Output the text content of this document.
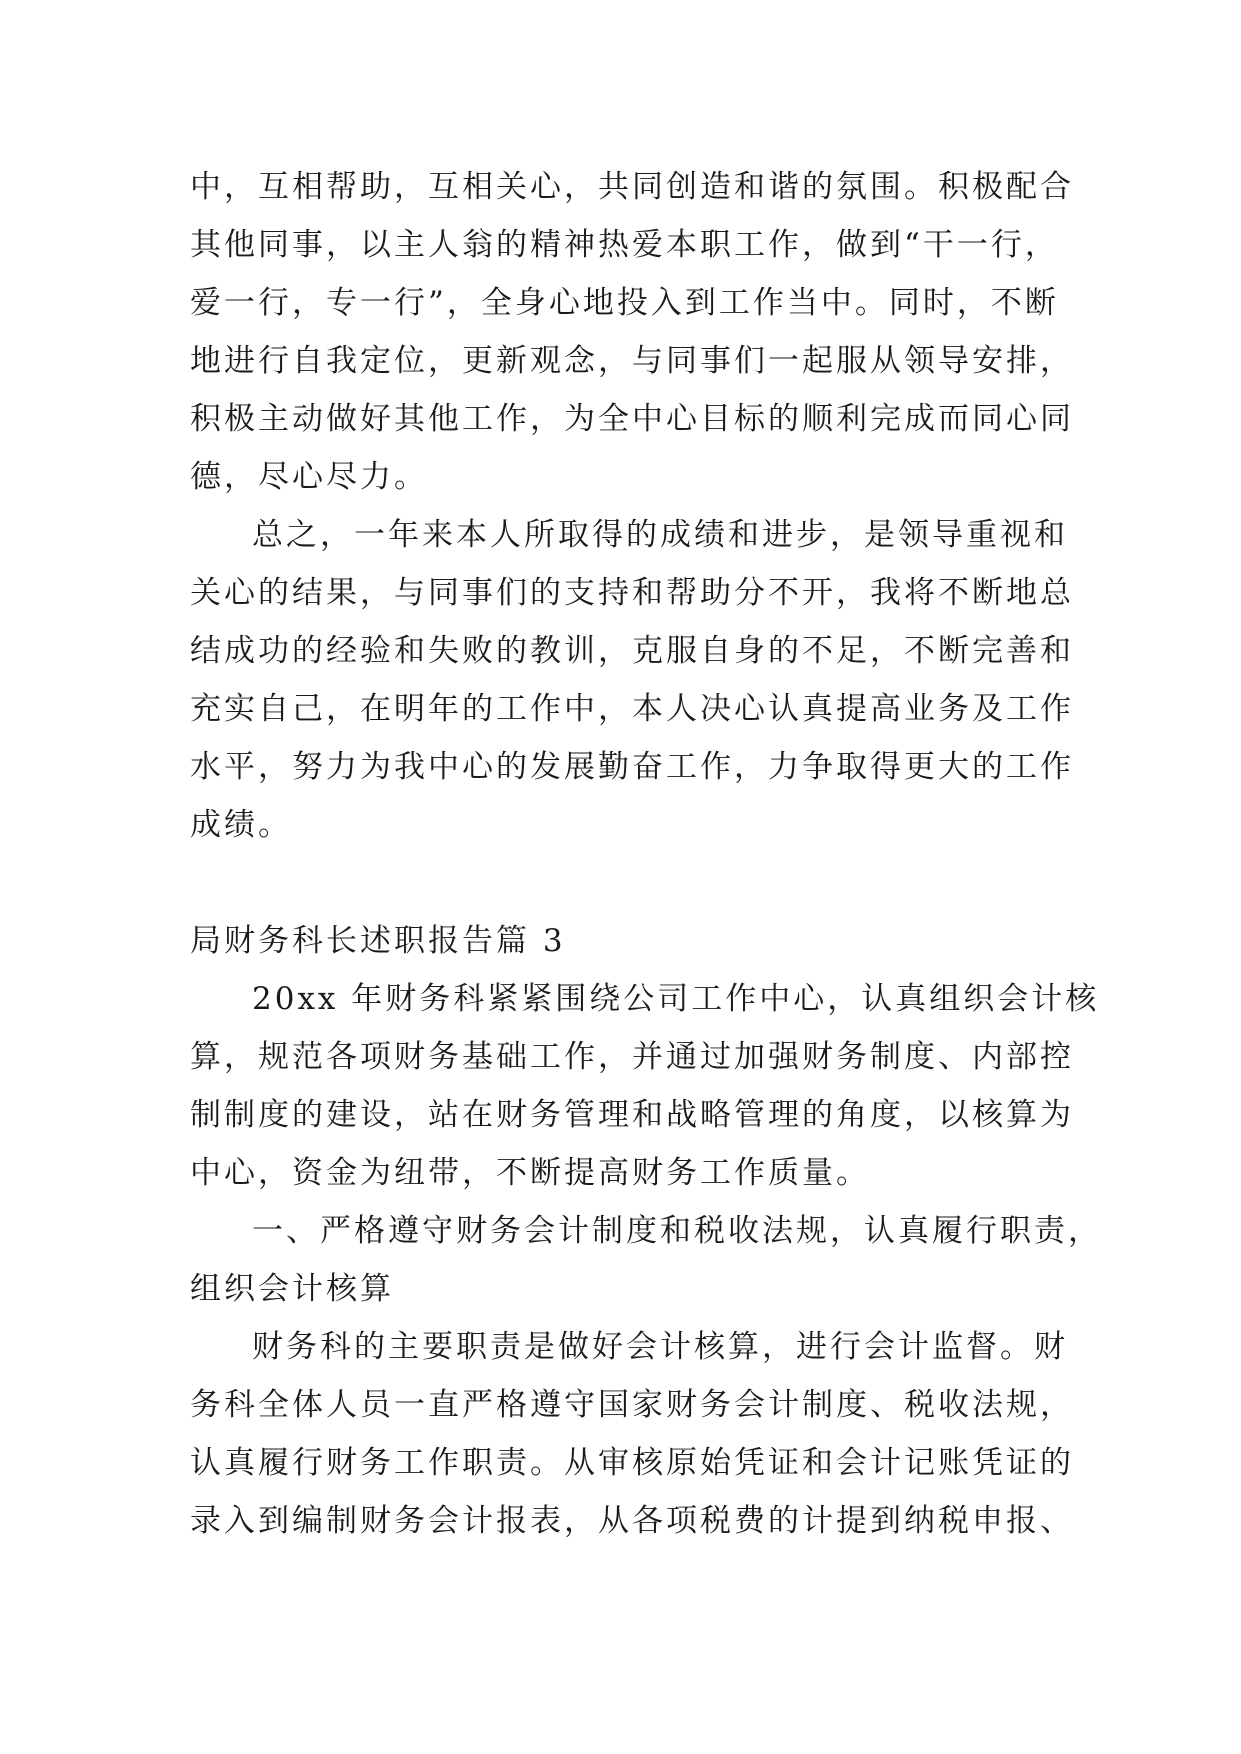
中，互相帮助，互相关心，共同创造和谐的氛围。积极配合
其他同事，以主人翁的精神热爱本职工作，做到“干一行，
爱一行，专一行”，全身心地投入到工作当中。同时，不断
地进行自我定位，更新观念，与同事们一起服从领导安排，
积极主动做好其他工作，为全中心目标的顺利完成而同心同
德，尽心尽力。
总之，一年来本人所取得的成绩和进步，是领导重视和
关心的结果，与同事们的支持和帮助分不开，我将不断地总
结成功的经验和失败的教训，克服自身的不足，不断完善和
充实自己，在明年的工作中，本人决心认真提高业务及工作
水平，努力为我中心的发展勤奋工作，力争取得更大的工作
成绩。
局财务科长述职报告篇 3
20xx 年财务科紧紧围绕公司工作中心，认真组织会计核
算，规范各项财务基础工作，并通过加强财务制度、内部控
制制度的建设，站在财务管理和战略管理的角度，以核算为
中心，资金为纽带，不断提高财务工作质量。
一、严格遵守财务会计制度和税收法规，认真履行职责，
组织会计核算
财务科的主要职责是做好会计核算，进行会计监督。财
务科全体人员一直严格遵守国家财务会计制度、税收法规，
认真履行财务工作职责。从审核原始凭证和会计记账凭证的
录入到编制财务会计报表，从各项税费的计提到纳税申报、
